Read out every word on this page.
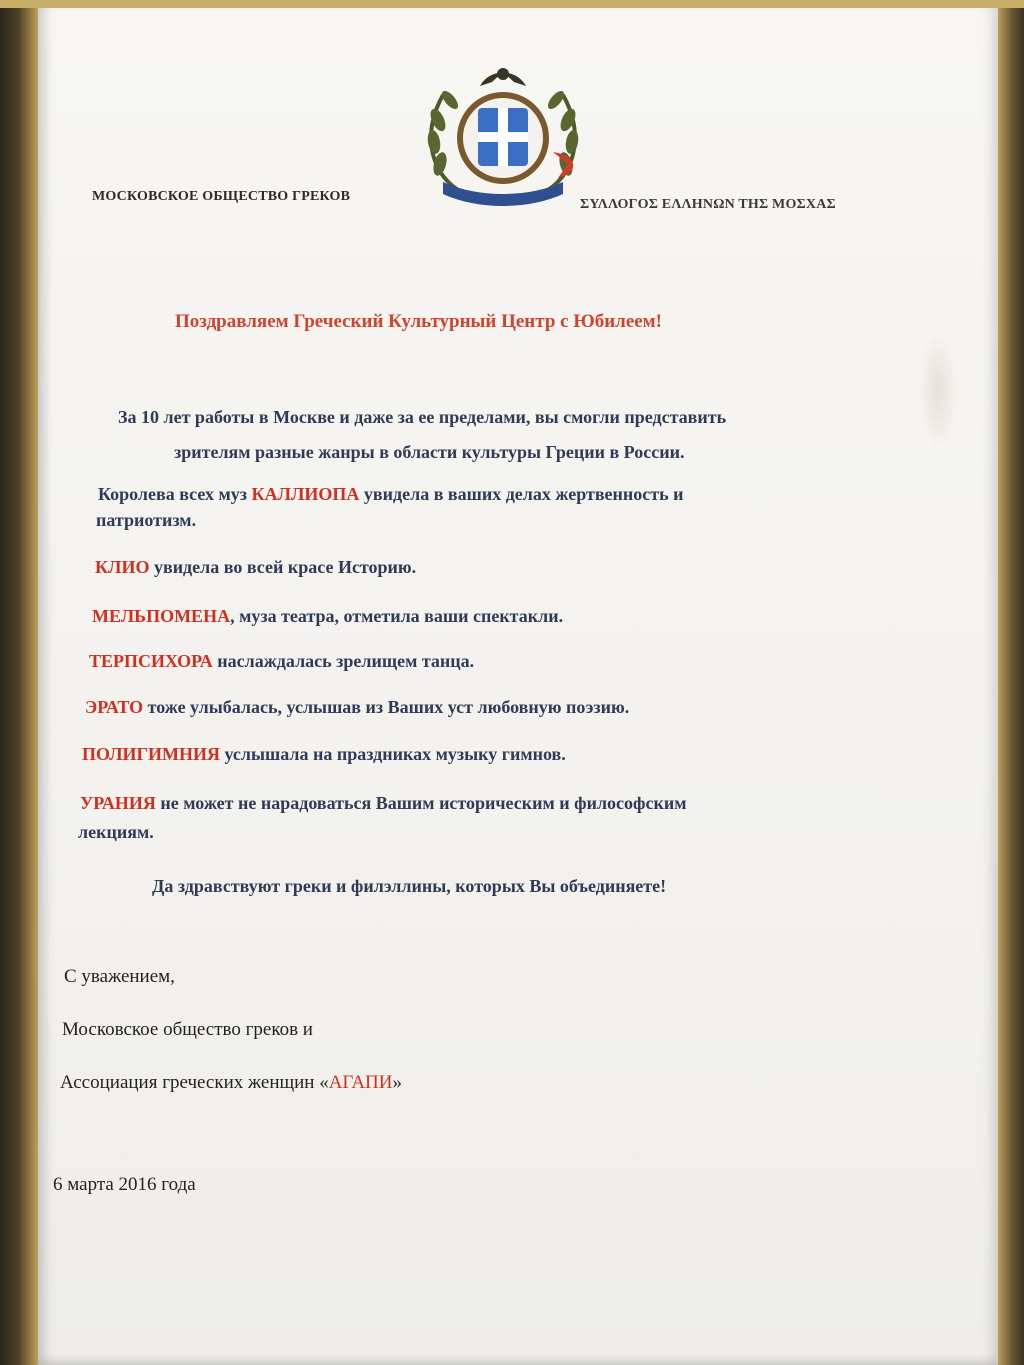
МОСКОВСКОЕ ОБЩЕСТВО ГРЕКОВ
ΣΥΛΛΟΓΟΣ ΕΛΛΗΝΩΝ ΤΗΣ ΜΟΣΧΑΣ
Поздравляем Греческий Культурный Центр с Юбилеем!
За 10 лет работы в Москве и даже за ее пределами, вы смогли представить
зрителям разные жанры в области культуры Греции в России.
Королева всех муз КАЛЛИОПА увидела в ваших делах жертвенность и
патриотизм.
КЛИО увидела во всей красе Историю.
МЕЛЬПОМЕНА, муза театра, отметила ваши спектакли.
ТЕРПСИХОРА наслаждалась зрелищем танца.
ЭРАТО тоже улыбалась, услышав из Ваших уст любовную поэзию.
ПОЛИГИМНИЯ услышала на праздниках музыку гимнов.
УРАНИЯ не может не нарадоваться Вашим историческим и философским
лекциям.
Да здравствуют греки и филэллины, которых Вы объединяете!
С уважением,
Московское общество греков и
Ассоциация греческих женщин «АГАПИ»
6 марта 2016 года
